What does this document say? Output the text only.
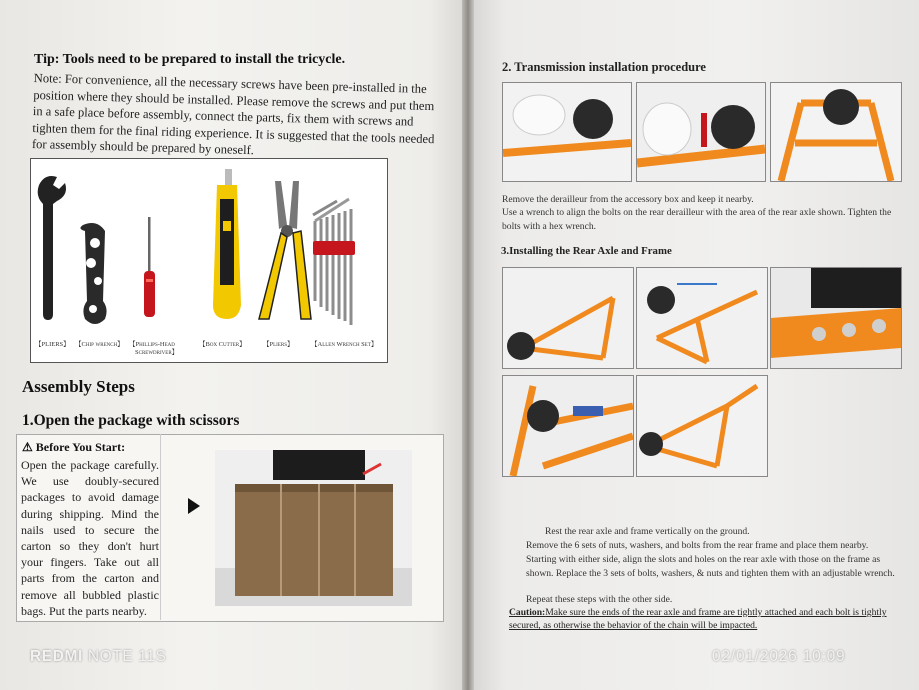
Tip: Tools need to be prepared to install the tricycle.
Note: For convenience, all the necessary screws have been pre-installed in the position where they should be installed. Please remove the screws and put them in a safe place before assembly, connect the parts, fix them with screws and tighten them for the final riding experience. It is suggested that the tools needed for assembly should be prepared by oneself.
【PLIERS】 【Chip wrench】 【Phillips-Head
Screwdriver】
【Box Cutter】	【Pliers】	【Allen Wrench Set】
Assembly Steps
1.Open the package with scissors
⚠ Before You Start:
Open the package carefully. We use doubly-secured packages to avoid damage during shipping. Mind the nails used to secure the carton so they don't hurt your fingers. Take out all parts from the carton and remove all bubbled plastic bags. Put the parts nearby.
REDMI NOTE 11S	02/01/2026 10:09
2. Transmission installation procedure
Remove the derailleur from the accessory box and keep it nearby.
Use a wrench to align the bolts on the rear derailleur with the area of the rear axle shown. Tighten the bolts with a hex wrench.
3.Installing the Rear Axle and Frame
Rest the rear axle and frame vertically on the ground.
Remove the 6 sets of nuts, washers, and bolts from the rear frame and place them nearby.
Starting with either side, align the slots and holes on the rear axle with those on the frame as shown. Replace the 3 sets of bolts, washers, & nuts and tighten them with an adjustable wrench.
Repeat these steps with the other side.
Caution:Make sure the ends of the rear axle and frame are tightly attached and each bolt is tightly secured, as otherwise the behavior of the chain will be impacted.
